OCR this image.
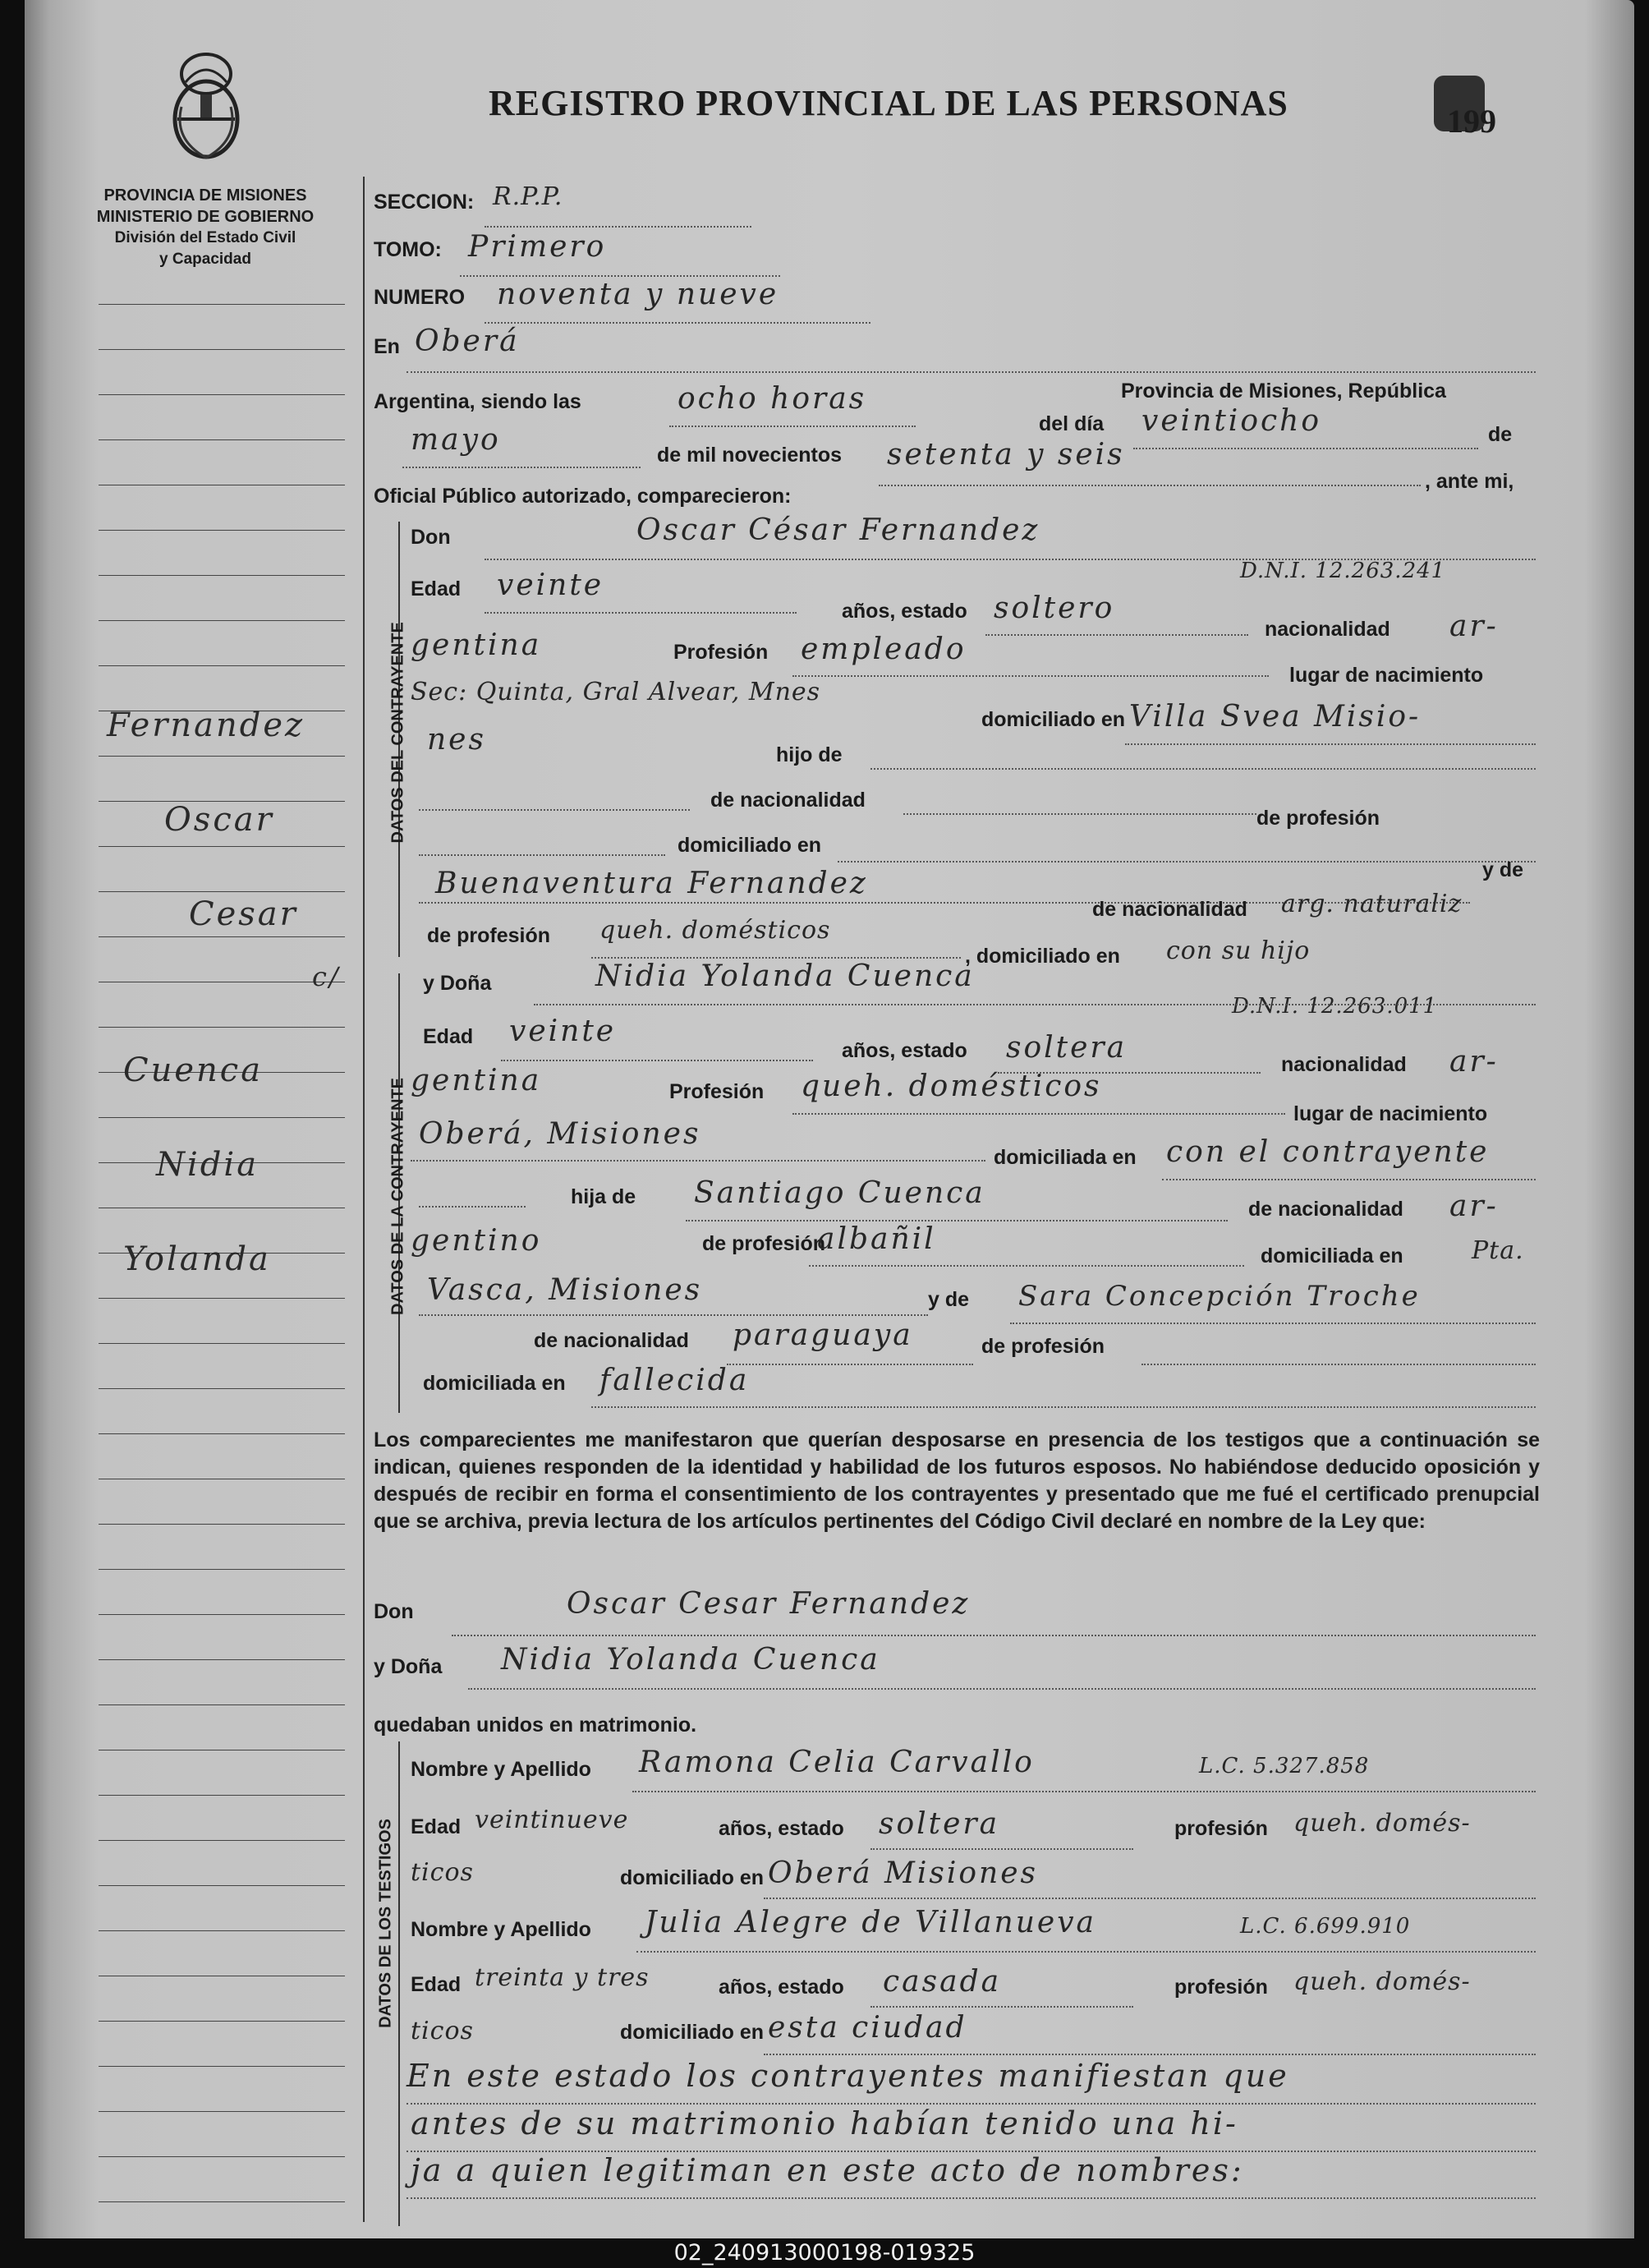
PROVINCIA DE MISIONES
MINISTERIO DE GOBIERNO
División del Estado Civil
y Capacidad
REGISTRO PROVINCIAL DE LAS PERSONAS	199
Fernandez
Oscar
Cesar
c/
Cuenca
Nidia
Yolanda
SECCION: R.P.P.
TOMO: Primero
NUMERO noventa y nueve
En Oberá
Provincia de Misiones, República
Argentina, siendo las	ocho horas
del día veintiocho	de
mayo	de mil novecientos setenta y seis
, ante mi,
Oficial Público autorizado, comparecieron:
DATOS DEL CONTRAYENTE
Don	Oscar César Fernandez
D.N.I. 12.263.241
Edad veinte
años, estado soltero
nacionalidad ar-
gentina	Profesión empleado
lugar de nacimiento
Sec: Quinta, Gral Alvear, Mnes
domiciliado en Villa Svea Misio-
nes	hijo de
de nacionalidad
de profesión
domiciliado en
y de
Buenaventura Fernandez
de nacionalidad arg. naturaliz
de profesión queh. domésticos
, domiciliado en con su hijo
DATOS DE LA CONTRAYENTE
y Doña	Nidia Yolanda Cuenca
D.N.I. 12.263.011
Edad veinte
años, estado soltera	nacionalidad ar-
gentina	Profesión queh. domésticos
lugar de nacimiento
Oberá, Misiones
domiciliada en con el contrayente
hija de Santiago Cuenca	de nacionalidad ar-
gentino	de profesión
albañil	domiciliada en	Pta.
Vasca, Misiones	y de Sara Concepción Troche
de nacionalidad paraguaya	de profesión
domiciliada en fallecida
Los comparecientes me manifestaron que querían desposarse en presencia de los testigos que a continuación se indican, quienes responden de la identidad y habilidad de los futuros esposos. No habiéndose deducido oposición y después de recibir en forma el consentimiento de los contrayentes y presentado que me fué el certificado prenupcial que se archiva, previa lectura de los artículos pertinentes del Código Civil declaré en nombre de la Ley que:
Don	Oscar Cesar Fernandez
y Doña Nidia Yolanda Cuenca
quedaban unidos en matrimonio.
DATOS DE LOS TESTIGOS
Nombre y Apellido Ramona Celia Carvallo	L.C. 5.327.858
Edad veintinueve	años, estado soltera	profesión queh. domés-
ticos	domiciliado en Oberá Misiones
Nombre y Apellido Julia Alegre de Villanueva	L.C. 6.699.910
Edad treinta y tres	años, estado casada	profesión queh. domés-
ticos	domiciliado en esta ciudad
En este estado los contrayentes manifiestan que
antes de su matrimonio habían tenido una hi-
ja a quien legitiman en este acto de nombres:
02_240913000198-019325
